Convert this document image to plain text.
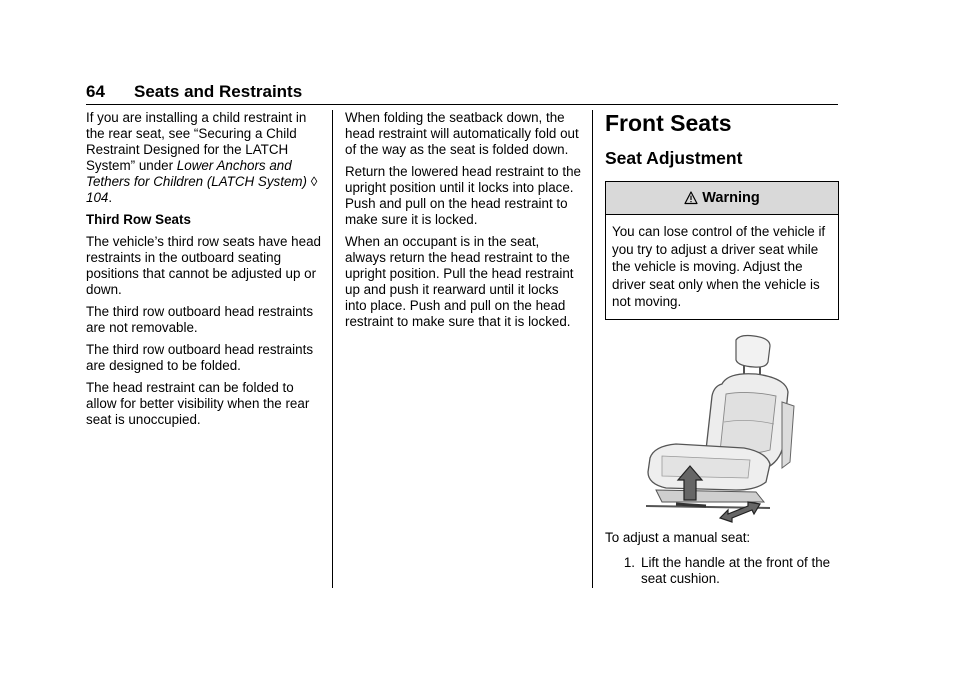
64 Seats and Restraints

If you are installing a child restraint in the rear seat, see “Securing a Child Restraint Designed for the LATCH System” under Lower Anchors and Tethers for Children (LATCH System) ◊ 104.

Third Row Seats

The vehicle’s third row seats have head restraints in the outboard seating positions that cannot be adjusted up or down.

The third row outboard head restraints are not removable.

The third row outboard head restraints are designed to be folded.

The head restraint can be folded to allow for better visibility when the rear seat is unoccupied.

When folding the seatback down, the head restraint will automatically fold out of the way as the seat is folded down.

Return the lowered head restraint to the upright position until it locks into place. Push and pull on the head restraint to make sure it is locked.

When an occupant is in the seat, always return the head restraint to the upright position. Pull the head restraint up and push it rearward until it locks into place. Push and pull on the head restraint to make sure that it is locked.

Front Seats
Seat Adjustment
Warning
You can lose control of the vehicle if you try to adjust a driver seat while the vehicle is moving. Adjust the driver seat only when the vehicle is not moving.
To adjust a manual seat:
1. Lift the handle at the front of the seat cushion.
